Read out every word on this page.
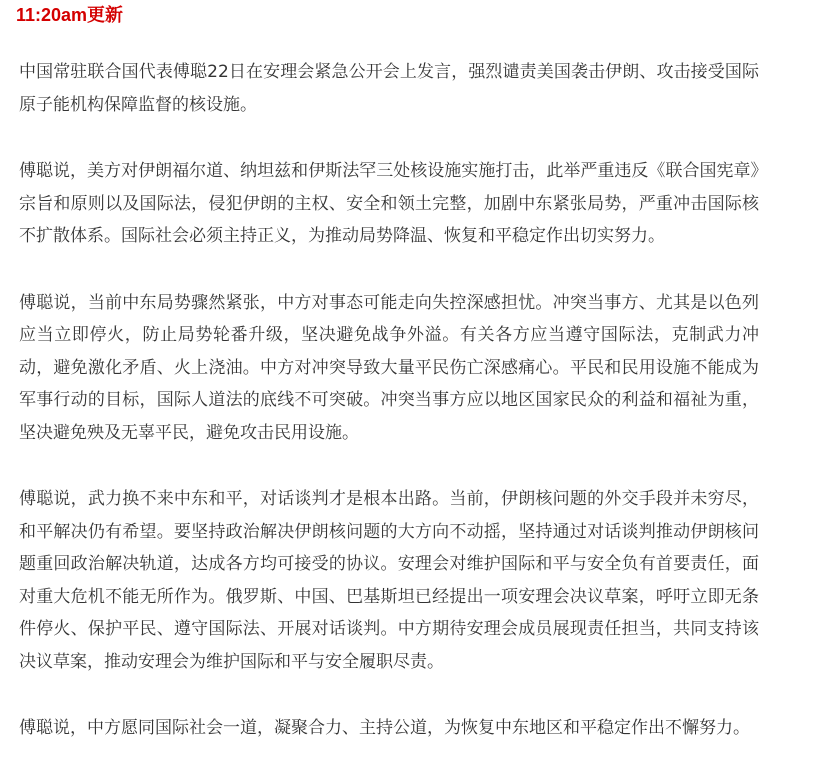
11:20am更新

中国常驻联合国代表傅聪22日在安理会紧急公开会上发言，强烈谴责美国袭击伊朗、攻击接受国际原子能机构保障监督的核设施。

傅聪说，美方对伊朗福尔道、纳坦兹和伊斯法罕三处核设施实施打击，此举严重违反《联合国宪章》宗旨和原则以及国际法，侵犯伊朗的主权、安全和领土完整，加剧中东紧张局势，严重冲击国际核不扩散体系。国际社会必须主持正义，为推动局势降温、恢复和平稳定作出切实努力。

傅聪说，当前中东局势骤然紧张，中方对事态可能走向失控深感担忧。冲突当事方、尤其是以色列应当立即停火，防止局势轮番升级，坚决避免战争外溢。有关各方应当遵守国际法，克制武力冲动，避免激化矛盾、火上浇油。中方对冲突导致大量平民伤亡深感痛心。平民和民用设施不能成为军事行动的目标，国际人道法的底线不可突破。冲突当事方应以地区国家民众的利益和福祉为重，坚决避免殃及无辜平民，避免攻击民用设施。

傅聪说，武力换不来中东和平，对话谈判才是根本出路。当前，伊朗核问题的外交手段并未穷尽，和平解决仍有希望。要坚持政治解决伊朗核问题的大方向不动摇，坚持通过对话谈判推动伊朗核问题重回政治解决轨道，达成各方均可接受的协议。安理会对维护国际和平与安全负有首要责任，面对重大危机不能无所作为。俄罗斯、中国、巴基斯坦已经提出一项安理会决议草案，呼吁立即无条件停火、保护平民、遵守国际法、开展对话谈判。中方期待安理会成员展现责任担当，共同支持该决议草案，推动安理会为维护国际和平与安全履职尽责。

傅聪说，中方愿同国际社会一道，凝聚合力、主持公道，为恢复中东地区和平稳定作出不懈努力。
